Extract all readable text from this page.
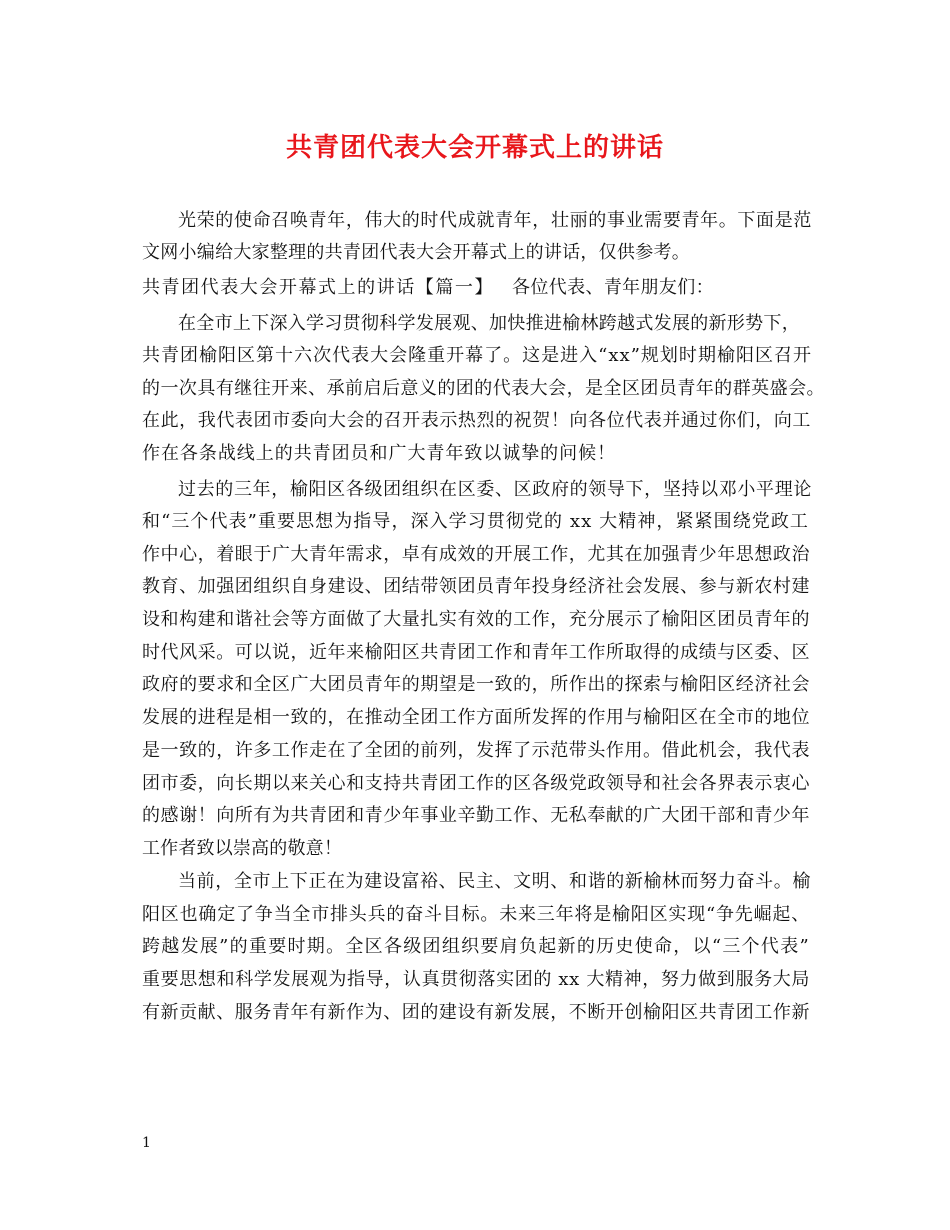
共青团代表大会开幕式上的讲话
光荣的使命召唤青年，伟大的时代成就青年，壮丽的事业需要青年。下面是范
文网小编给大家整理的共青团代表大会开幕式上的讲话，仅供参考。
共青团代表大会开幕式上的讲话【篇一】	各位代表、青年朋友们：
在全市上下深入学习贯彻科学发展观、加快推进榆林跨越式发展的新形势下，
共青团榆阳区第十六次代表大会隆重开幕了。这是进入“xx”规划时期榆阳区召开
的一次具有继往开来、承前启后意义的团的代表大会，是全区团员青年的群英盛会。
在此，我代表团市委向大会的召开表示热烈的祝贺！向各位代表并通过你们，向工
作在各条战线上的共青团员和广大青年致以诚挚的问候！
过去的三年，榆阳区各级团组织在区委、区政府的领导下，坚持以邓小平理论
和“三个代表”重要思想为指导，深入学习贯彻党的 xx 大精神，紧紧围绕党政工
作中心，着眼于广大青年需求，卓有成效的开展工作，尤其在加强青少年思想政治
教育、加强团组织自身建设、团结带领团员青年投身经济社会发展、参与新农村建
设和构建和谐社会等方面做了大量扎实有效的工作，充分展示了榆阳区团员青年的
时代风采。可以说，近年来榆阳区共青团工作和青年工作所取得的成绩与区委、区
政府的要求和全区广大团员青年的期望是一致的，所作出的探索与榆阳区经济社会
发展的进程是相一致的，在推动全团工作方面所发挥的作用与榆阳区在全市的地位
是一致的，许多工作走在了全团的前列，发挥了示范带头作用。借此机会，我代表
团市委，向长期以来关心和支持共青团工作的区各级党政领导和社会各界表示衷心
的感谢！向所有为共青团和青少年事业辛勤工作、无私奉献的广大团干部和青少年
工作者致以崇高的敬意！
当前，全市上下正在为建设富裕、民主、文明、和谐的新榆林而努力奋斗。榆
阳区也确定了争当全市排头兵的奋斗目标。未来三年将是榆阳区实现“争先崛起、
跨越发展”的重要时期。全区各级团组织要肩负起新的历史使命，以“三个代表”
重要思想和科学发展观为指导，认真贯彻落实团的 xx 大精神，努力做到服务大局
有新贡献、服务青年有新作为、团的建设有新发展，不断开创榆阳区共青团工作新
1
